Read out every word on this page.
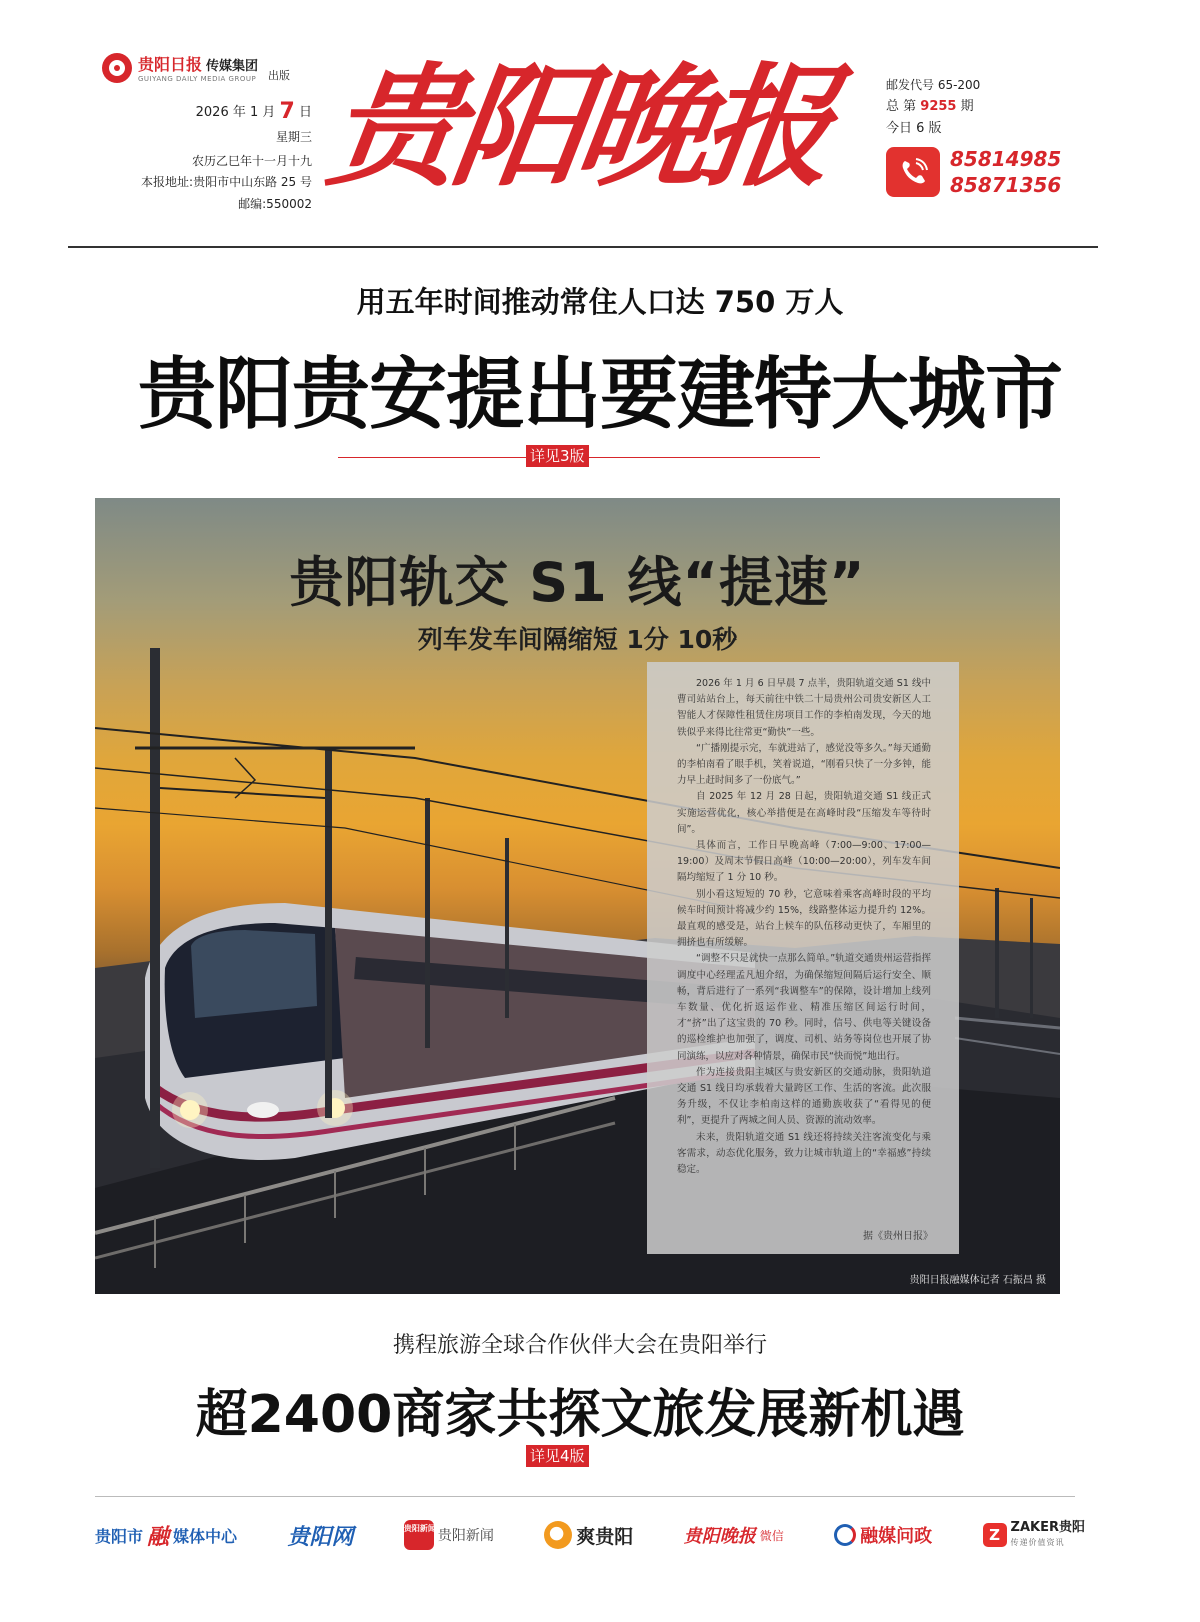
贵阳日报 传媒集团
GUIYANG DAILY MEDIA GROUP 出版
2026 年 1 月 7 日
星期三
农历乙巳年十一月十九
本报地址:贵阳市中山东路 25 号
邮编:550002 贵阳晚报	邮发代号 65-200
总 第 9255 期
今日 6 版
85814985
85871356
用五年时间推动常住人口达 750 万人
贵阳贵安提出要建特大城市
详见3版
贵阳轨交 S1 线“提速”
列车发车间隔缩短 1分 10秒

2026 年 1 月 6 日早晨 7 点半，贵阳轨道交通 S1 线中曹司站站台上，每天前往中铁二十局贵州公司贵安新区人工智能人才保障性租赁住房项目工作的李柏南发现，今天的地铁似乎来得比往常更“勤快”一些。

“广播刚提示完，车就进站了，感觉没等多久。”每天通勤的李柏南看了眼手机，笑着说道，“刚看只快了一分多钟，能力早上赶时间多了一份底气。”

自 2025 年 12 月 28 日起，贵阳轨道交通 S1 线正式实施运营优化，核心举措便是在高峰时段“压缩发车等待时间”。

具体而言，工作日早晚高峰（7:00—9:00、17:00—19:00）及周末节假日高峰（10:00—20:00），列车发车间隔均缩短了 1 分 10 秒。

别小看这短短的 70 秒，它意味着乘客高峰时段的平均候车时间预计将减少约 15%，线路整体运力提升约 12%。最直观的感受是，站台上候车的队伍移动更快了，车厢里的拥挤也有所缓解。

“调整不只是就快一点那么简单。”轨道交通贵州运营指挥调度中心经理孟凡旭介绍，为确保缩短间隔后运行安全、顺畅，背后进行了一系列“我调整车”的保障，设计增加上线列车数量、优化折返运作业、精准压缩区间运行时间，才“挤”出了这宝贵的 70 秒。同时，信号、供电等关键设备的巡检维护也加强了，调度、司机、站务等岗位也开展了协同演练，以应对各种情景，确保市民“快而悦”地出行。

作为连接贵阳主城区与贵安新区的交通动脉，贵阳轨道交通 S1 线日均承载着大量跨区工作、生活的客流。此次服务升级，不仅让李柏南这样的通勤族收获了“看得见的便利”，更提升了两城之间人员、资源的流动效率。

未来，贵阳轨道交通 S1 线还将持续关注客流变化与乘客需求，动态优化服务，致力让城市轨道上的“幸福感”持续稳定。

据《贵州日报》
贵阳日报融媒体记者 石振昌 摄
携程旅游全球合作伙伴大会在贵阳举行
超2400商家共探文旅发展新机遇
详见4版
贵阳市 融 媒体中心 贵阳网	贵阳新闻 贵阳新闻	爽贵阳	贵阳晚报 微信	融媒问政	Z ZAKER贵阳
传递价值资讯
